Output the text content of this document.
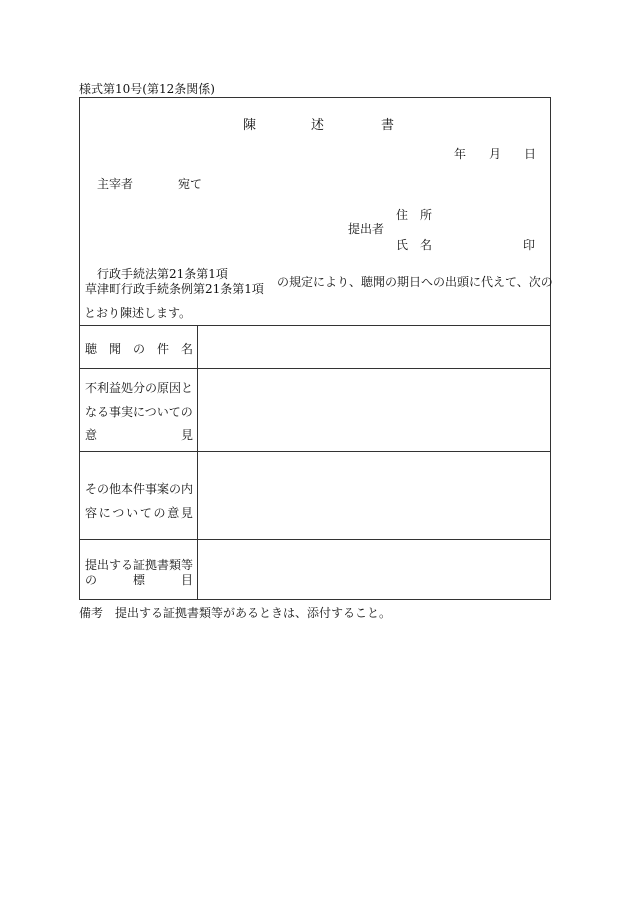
様式第10号(第12条関係)
陳	述	書
年 月 日
主宰者	宛て
住　所
提出者
氏　名	印
行政手続法第21条第1項
草津町行政手続条例第21条第1項 の規定により、聴聞の期日への出頭に代えて、次の
とおり陳述します。
聴 聞 の 件 名
不利益処分の原因と
なる事実についての
意	見
その他本件事案の内
容 に つ い て の 意 見
提出する証拠書類等
の	標	目
備考　提出する証拠書類等があるときは、添付すること。
